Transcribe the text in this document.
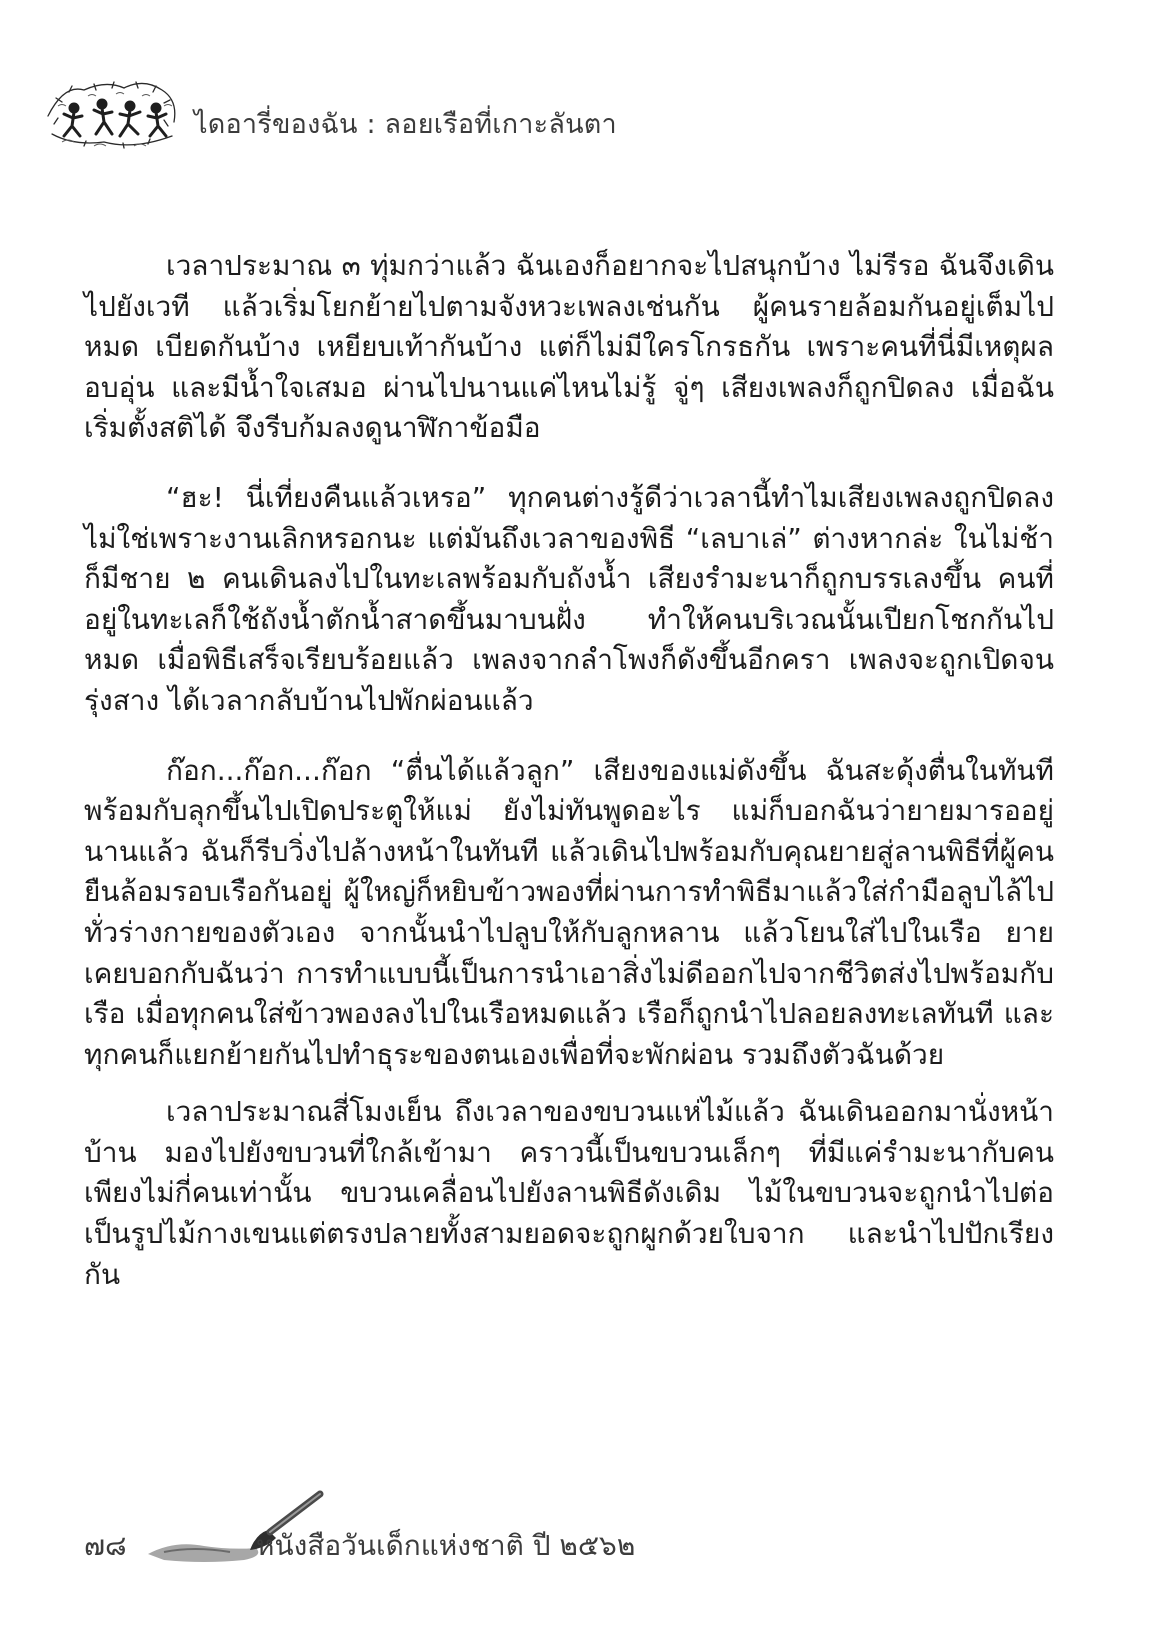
ไดอารี่ของฉัน : ลอยเรือที่เกาะลันตา

เวลาประมาณ ๓ ทุ่มกว่าแล้ว ฉันเองก็อยากจะไปสนุกบ้าง ไม่รีรอ ฉันจึงเดินไปยังเวที แล้วเริ่มโยกย้ายไปตามจังหวะเพลงเช่นกัน ผู้คนรายล้อมกันอยู่เต็มไปหมด เบียดกันบ้าง เหยียบเท้ากันบ้าง แต่ก็ไม่มีใครโกรธกัน เพราะคนที่นี่มีเหตุผล อบอุ่น และมีน้ำใจเสมอ ผ่านไปนานแค่ไหนไม่รู้ จู่ๆ เสียงเพลงก็ถูกปิดลง เมื่อฉันเริ่มตั้งสติได้ จึงรีบก้มลงดูนาฬิกาข้อมือ

“ฮะ! นี่เที่ยงคืนแล้วเหรอ” ทุกคนต่างรู้ดีว่าเวลานี้ทำไมเสียงเพลงถูกปิดลง ไม่ใช่เพราะงานเลิกหรอกนะ แต่มันถึงเวลาของพิธี “เลบาเล่” ต่างหากล่ะ ในไม่ช้าก็มีชาย ๒ คนเดินลงไปในทะเลพร้อมกับถังน้ำ เสียงรำมะนาก็ถูกบรรเลงขึ้น คนที่อยู่ในทะเลก็ใช้ถังน้ำตักน้ำสาดขึ้นมาบนฝั่ง ทำให้คนบริเวณนั้นเปียกโชกกันไปหมด เมื่อพิธีเสร็จเรียบร้อยแล้ว เพลงจากลำโพงก็ดังขึ้นอีกครา เพลงจะถูกเปิดจนรุ่งสาง ได้เวลากลับบ้านไปพักผ่อนแล้ว

ก๊อก...ก๊อก...ก๊อก “ตื่นได้แล้วลูก” เสียงของแม่ดังขึ้น ฉันสะดุ้งตื่นในทันที พร้อมกับลุกขึ้นไปเปิดประตูให้แม่ ยังไม่ทันพูดอะไร แม่ก็บอกฉันว่ายายมารออยู่นานแล้ว ฉันก็รีบวิ่งไปล้างหน้าในทันที แล้วเดินไปพร้อมกับคุณยายสู่ลานพิธีที่ผู้คนยืนล้อมรอบเรือกันอยู่ ผู้ใหญ่ก็หยิบข้าวพองที่ผ่านการทำพิธีมาแล้วใส่กำมือลูบไล้ไปทั่วร่างกายของตัวเอง จากนั้นนำไปลูบให้กับลูกหลาน แล้วโยนใส่ไปในเรือ ยายเคยบอกกับฉันว่า การทำแบบนี้เป็นการนำเอาสิ่งไม่ดีออกไปจากชีวิตส่งไปพร้อมกับเรือ เมื่อทุกคนใส่ข้าวพองลงไปในเรือหมดแล้ว เรือก็ถูกนำไปลอยลงทะเลทันที และทุกคนก็แยกย้ายกันไปทำธุระของตนเองเพื่อที่จะพักผ่อน รวมถึงตัวฉันด้วย

เวลาประมาณสี่โมงเย็น ถึงเวลาของขบวนแห่ไม้แล้ว ฉันเดินออกมานั่งหน้าบ้าน มองไปยังขบวนที่ใกล้เข้ามา คราวนี้เป็นขบวนเล็กๆ ที่มีแค่รำมะนากับคนเพียงไม่กี่คนเท่านั้น ขบวนเคลื่อนไปยังลานพิธีดังเดิม ไม้ในขบวนจะถูกนำไปต่อเป็นรูปไม้กางเขนแต่ตรงปลายทั้งสามยอดจะถูกผูกด้วยใบจาก และนำไปปักเรียงกัน

๗๘	หนังสือวันเด็กแห่งชาติ ปี ๒๕๖๒
